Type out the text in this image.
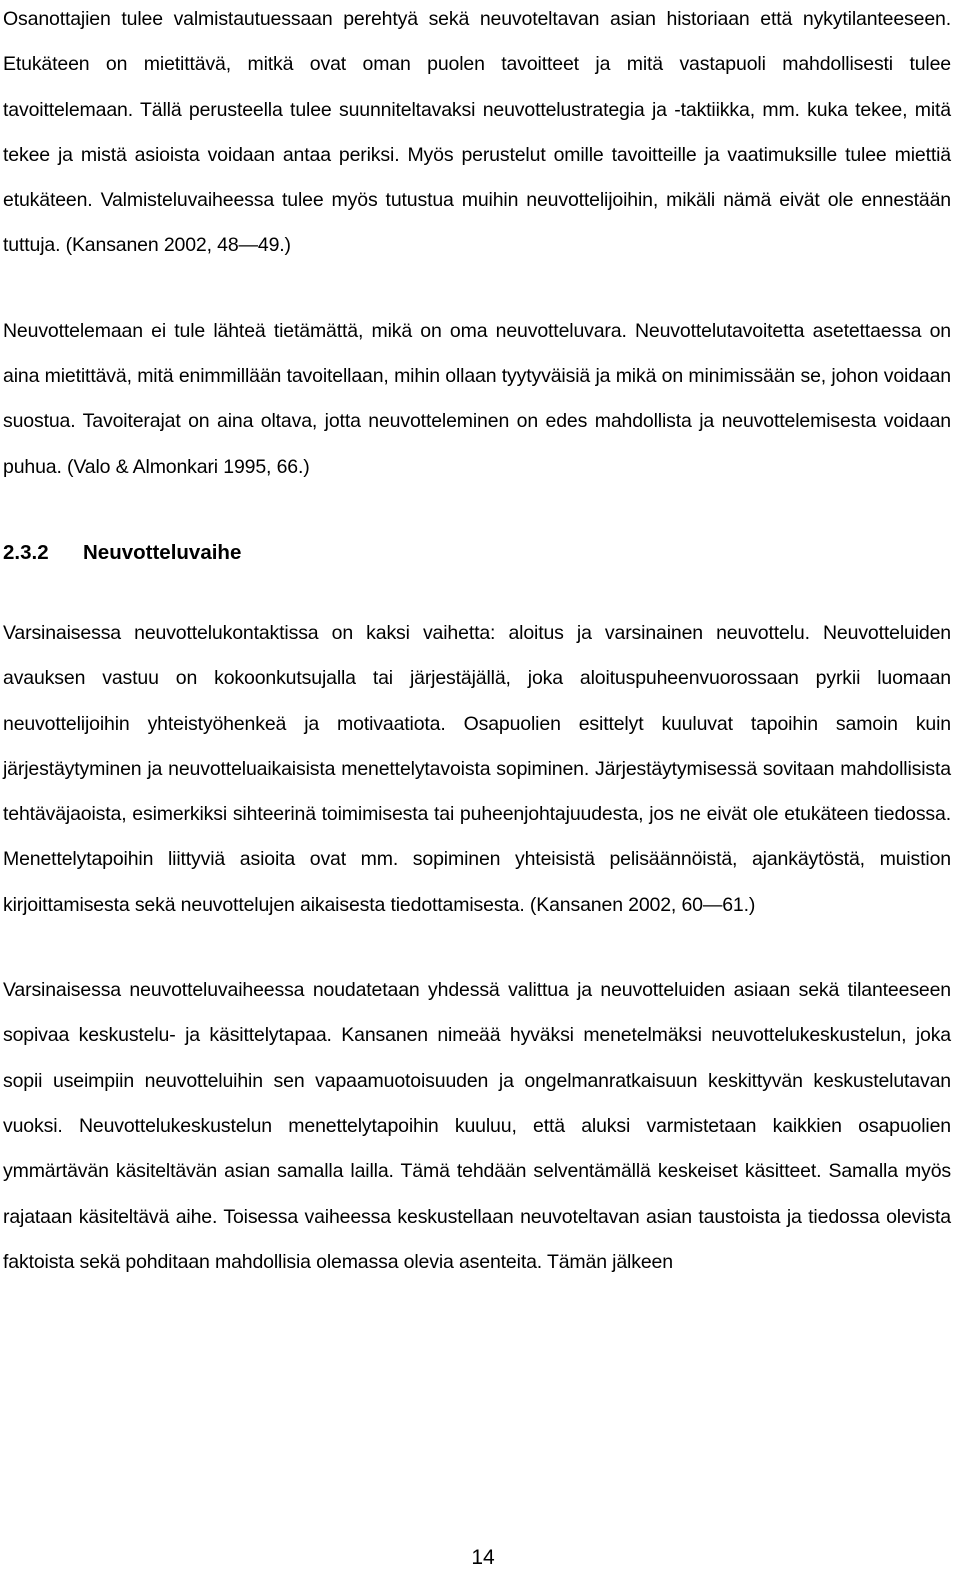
Osanottajien tulee valmistautuessaan perehtyä sekä neuvoteltavan asian historiaan että nykytilanteeseen. Etukäteen on mietittävä, mitkä ovat oman puolen tavoitteet ja mitä vastapuoli mahdollisesti tulee tavoittelemaan. Tällä perusteella tulee suunniteltavaksi neuvottelustrategia ja -taktiikka, mm. kuka tekee, mitä tekee ja mistä asioista voidaan antaa periksi. Myös perustelut omille tavoitteille ja vaatimuksille tulee miettiä etukäteen. Valmisteluvaiheessa tulee myös tutustua muihin neuvottelijoihin, mikäli nämä eivät ole ennestään tuttuja. (Kansanen 2002, 48—49.)

Neuvottelemaan ei tule lähteä tietämättä, mikä on oma neuvotteluvara. Neuvottelutavoitetta asetettaessa on aina mietittävä, mitä enimmillään tavoitellaan, mihin ollaan tyytyväisiä ja mikä on minimissään se, johon voidaan suostua. Tavoiterajat on aina oltava, jotta neuvotteleminen on edes mahdollista ja neuvottelemisesta voidaan puhua. (Valo & Almonkari 1995, 66.)

2.3.2	Neuvotteluvaihe

Varsinaisessa neuvottelukontaktissa on kaksi vaihetta: aloitus ja varsinainen neuvottelu. Neuvotteluiden avauksen vastuu on kokoonkutsujalla tai järjestäjällä, joka aloituspuheenvuorossaan pyrkii luomaan neuvottelijoihin yhteistyöhenkeä ja motivaatiota. Osapuolien esittelyt kuuluvat tapoihin samoin kuin järjestäytyminen ja neuvotteluaikaisista menettelytavoista sopiminen. Järjestäytymisessä sovitaan mahdollisista tehtäväjaoista, esimerkiksi sihteerinä toimimisesta tai puheenjohtajuudesta, jos ne eivät ole etukäteen tiedossa. Menettelytapoihin liittyviä asioita ovat mm. sopiminen yhteisistä pelisäännöistä, ajankäytöstä, muistion kirjoittamisesta sekä neuvottelujen aikaisesta tiedottamisesta. (Kansanen 2002, 60—61.)

Varsinaisessa neuvotteluvaiheessa noudatetaan yhdessä valittua ja neuvotteluiden asiaan sekä tilanteeseen sopivaa keskustelu- ja käsittelytapaa. Kansanen nimeää hyväksi menetelmäksi neuvottelukeskustelun, joka sopii useimpiin neuvotteluihin sen vapaamuotoisuuden ja ongelmanratkaisuun keskittyvän keskustelutavan vuoksi. Neuvottelukeskustelun menettelytapoihin kuuluu, että aluksi varmistetaan kaikkien osapuolien ymmärtävän käsiteltävän asian samalla lailla. Tämä tehdään selventämällä keskeiset käsitteet. Samalla myös rajataan käsiteltävä aihe. Toisessa vaiheessa keskustellaan neuvoteltavan asian taustoista ja tiedossa olevista faktoista sekä pohditaan mahdollisia olemassa olevia asenteita. Tämän jälkeen

14
